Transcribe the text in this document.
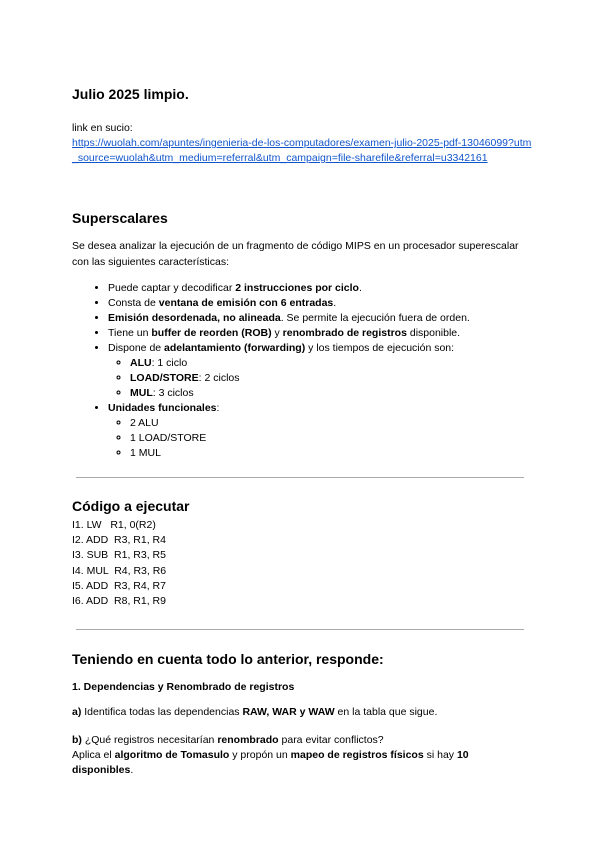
Julio 2025 limpio.
link en sucio:
https://wuolah.com/apuntes/ingenieria-de-los-computadores/examen-julio-2025-pdf-13046099?utm_source=wuolah&utm_medium=referral&utm_campaign=file-sharefile&referral=u3342161
Superscalares
Se desea analizar la ejecución de un fragmento de código MIPS en un procesador superescalar con las siguientes características:
• Puede captar y decodificar 2 instrucciones por ciclo.
• Consta de ventana de emisión con 6 entradas.
• Emisión desordenada, no alineada. Se permite la ejecución fuera de orden.
• Tiene un buffer de reorden (ROB) y renombrado de registros disponible.
• Dispone de adelantamiento (forwarding) y los tiempos de ejecución son:
◦ ALU: 1 ciclo
◦ LOAD/STORE: 2 ciclos
◦ MUL: 3 ciclos
• Unidades funcionales:
◦ 2 ALU
◦ 1 LOAD/STORE
◦ 1 MUL
Código a ejecutar
I1. LW   R1, 0(R2)
I2. ADD  R3, R1, R4
I3. SUB  R1, R3, R5
I4. MUL  R4, R3, R6
I5. ADD  R3, R4, R7
I6. ADD  R8, R1, R9
Teniendo en cuenta todo lo anterior, responde:
1. Dependencias y Renombrado de registros
a) Identifica todas las dependencias RAW, WAR y WAW en la tabla que sigue.
b) ¿Qué registros necesitarían renombrado para evitar conflictos?
Aplica el algoritmo de Tomasulo y propón un mapeo de registros físicos si hay 10 disponibles.
